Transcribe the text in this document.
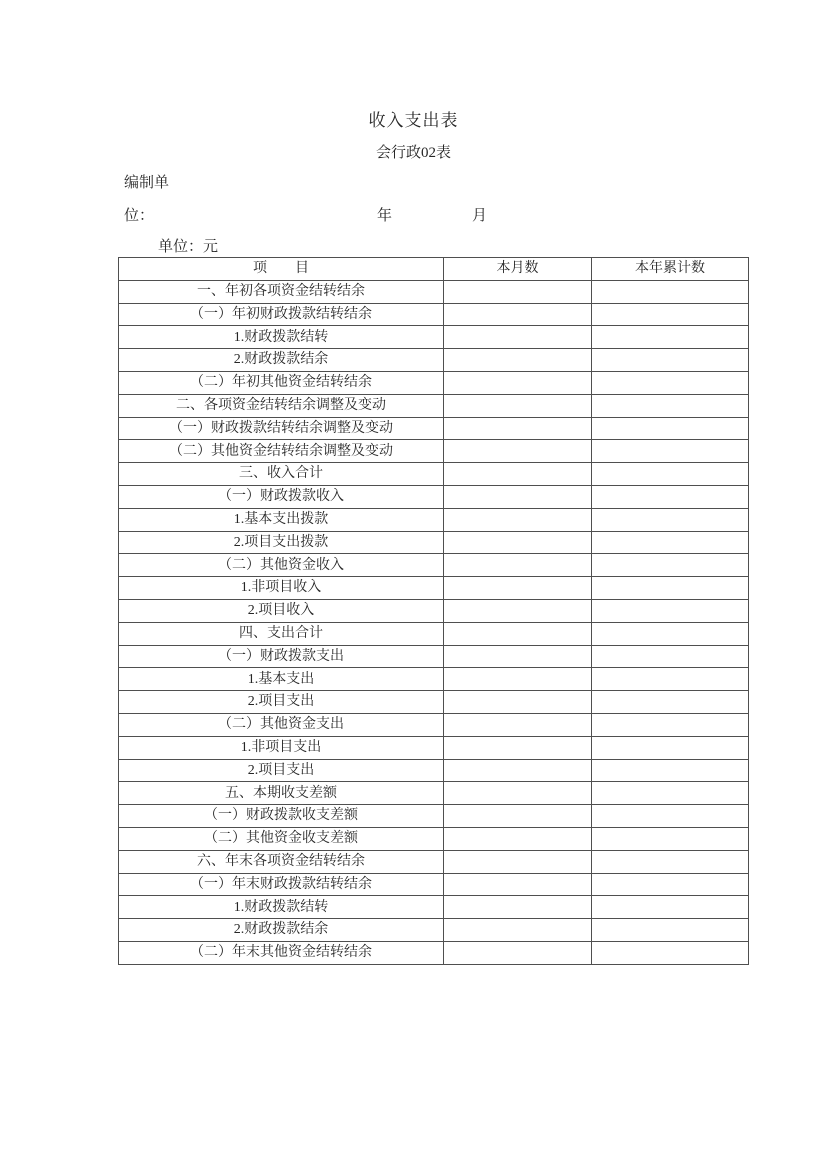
收入支出表
会行政02表
编制单
位：	年	月
单位：元
项　　目	本月数	本年累计数
一、年初各项资金结转结余		
（一）年初财政拨款结转结余		
1.财政拨款结转		
2.财政拨款结余		
（二）年初其他资金结转结余		
二、各项资金结转结余调整及变动		
（一）财政拨款结转结余调整及变动		
（二）其他资金结转结余调整及变动		
三、收入合计		
（一）财政拨款收入		
1.基本支出拨款		
2.项目支出拨款		
（二）其他资金收入		
1.非项目收入		
2.项目收入		
四、支出合计		
（一）财政拨款支出		
1.基本支出		
2.项目支出		
（二）其他资金支出		
1.非项目支出		
2.项目支出		
五、本期收支差额		
（一）财政拨款收支差额		
（二）其他资金收支差额		
六、年末各项资金结转结余		
（一）年末财政拨款结转结余		
1.财政拨款结转		
2.财政拨款结余		
（二）年末其他资金结转结余		
